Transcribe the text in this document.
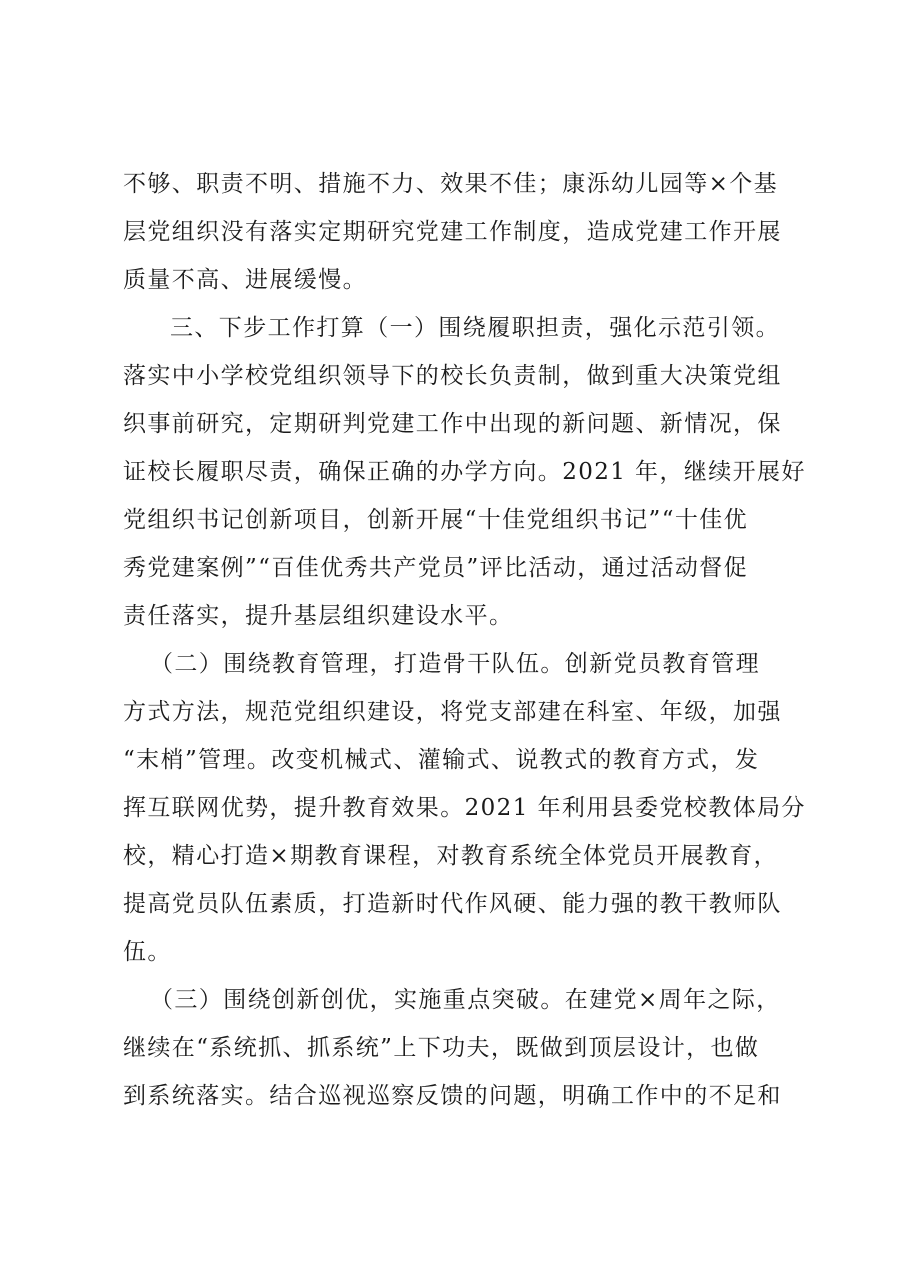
不够、职责不明、措施不力、效果不佳；康泺幼儿园等×个基
层党组织没有落实定期研究党建工作制度，造成党建工作开展
质量不高、进展缓慢。
三、下步工作打算（一）围绕履职担责，强化示范引领。
落实中小学校党组织领导下的校长负责制，做到重大决策党组
织事前研究，定期研判党建工作中出现的新问题、新情况，保
证校长履职尽责，确保正确的办学方向。2021 年，继续开展好
党组织书记创新项目，创新开展“十佳党组织书记”“十佳优
秀党建案例”“百佳优秀共产党员”评比活动，通过活动督促
责任落实，提升基层组织建设水平。
（二）围绕教育管理，打造骨干队伍。创新党员教育管理
方式方法，规范党组织建设，将党支部建在科室、年级，加强
“末梢”管理。改变机械式、灌输式、说教式的教育方式，发
挥互联网优势，提升教育效果。2021 年利用县委党校教体局分
校，精心打造×期教育课程，对教育系统全体党员开展教育，
提高党员队伍素质，打造新时代作风硬、能力强的教干教师队
伍。
（三）围绕创新创优，实施重点突破。在建党×周年之际，
继续在“系统抓、抓系统”上下功夫，既做到顶层设计，也做
到系统落实。结合巡视巡察反馈的问题，明确工作中的不足和
